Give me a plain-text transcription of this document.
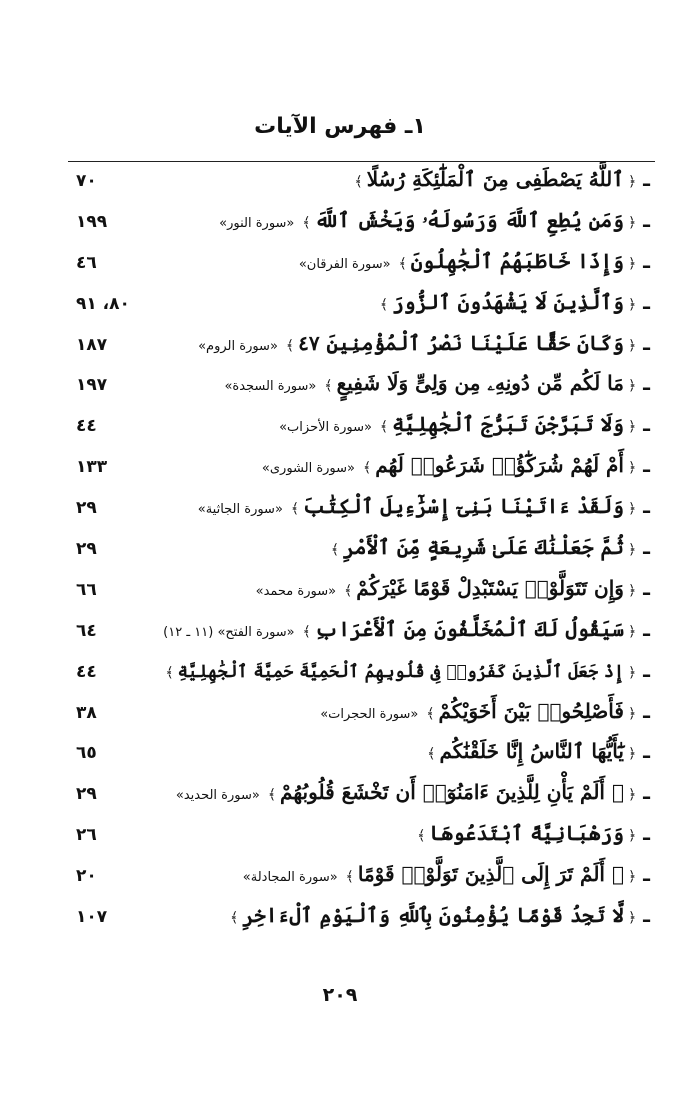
١ـ فهرس الآيات
ـ
﴿
ٱللَّهُ يَصْطَفِى مِنَ ٱلْمَلَٰٓئِكَةِ رُسُلًا
﴾
٧٠
ـ
﴿
وَمَن يُطِعِ ٱللَّهَ وَرَسُولَهُۥ وَيَخْشَ ٱللَّهَ
﴾
«سورة النور»
١٩٩
ـ
﴿
وَإِذَا خَاطَبَهُمُ ٱلْجَٰهِلُونَ
﴾
«سورة الفرقان»
٤٦
ـ
﴿
وَٱلَّذِينَ لَا يَشْهَدُونَ ٱلزُّورَ
﴾
٨٠، ٩١
ـ
﴿
وَكَانَ حَقًّا عَلَيْنَا نَصْرُ ٱلْمُؤْمِنِينَ ٤٧
﴾
«سورة الروم»
١٨٧
ـ
﴿
مَا لَكُم مِّن دُونِهِۦ مِن وَلِىٍّ وَلَا شَفِيعٍ
﴾
«سورة السجدة»
١٩٧
ـ
﴿
وَلَا تَبَرَّجْنَ تَبَرُّجَ ٱلْجَٰهِلِيَّةِ
﴾
«سورة الأحزاب»
٤٤
ـ
﴿
أَمْ لَهُمْ شُرَكَٰٓؤُا۟ شَرَعُوا۟ لَهُم
﴾
«سورة الشورى»
١٣٣
ـ
﴿
وَلَقَدْ ءَاتَيْنَا بَنِىٓ إِسْرَٰٓءِيلَ ٱلْكِتَٰبَ
﴾
«سورة الجاثية»
٢٩
ـ
﴿
ثُمَّ جَعَلْنَٰكَ عَلَىٰ شَرِيعَةٍ مِّنَ ٱلْأَمْرِ
﴾
٢٩
ـ
﴿
وَإِن تَتَوَلَّوْا۟ يَسْتَبْدِلْ قَوْمًا غَيْرَكُمْ
﴾
«سورة محمد»
٦٦
ـ
﴿
سَيَقُولُ لَكَ ٱلْمُخَلَّفُونَ مِنَ ٱلْأَعْرَابِ
﴾
«سورة الفتح» (١١ ـ ١٢)
٦٤
ـ
﴿
إِذْ جَعَلَ ٱلَّذِينَ كَفَرُوا۟ فِى قُلُوبِهِمُ ٱلْحَمِيَّةَ حَمِيَّةَ ٱلْجَٰهِلِيَّةِ
﴾
٤٤
ـ
﴿
فَأَصْلِحُوا۟ بَيْنَ أَخَوَيْكُمْ
﴾
«سورة الحجرات»
٣٨
ـ
﴿
يَٰٓأَيُّهَا ٱلنَّاسُ إِنَّا خَلَقْنَٰكُم
﴾
٦٥
ـ
﴿
۞ أَلَمْ يَأْنِ لِلَّذِينَ ءَامَنُوٓا۟ أَن تَخْشَعَ قُلُوبُهُمْ
﴾
«سورة الحديد»
٢٩
ـ
﴿
وَرَهْبَانِيَّةً ٱبْتَدَعُوهَا
﴾
٢٦
ـ
﴿
۞ أَلَمْ تَرَ إِلَى ٱلَّذِينَ تَوَلَّوْا۟ قَوْمًا
﴾
«سورة المجادلة»
٢٠
ـ
﴿
لَّا تَجِدُ قَوْمًا يُؤْمِنُونَ بِٱللَّهِ وَٱلْيَوْمِ ٱلْءَاخِرِ
﴾
١٠٧
٢٠٩
